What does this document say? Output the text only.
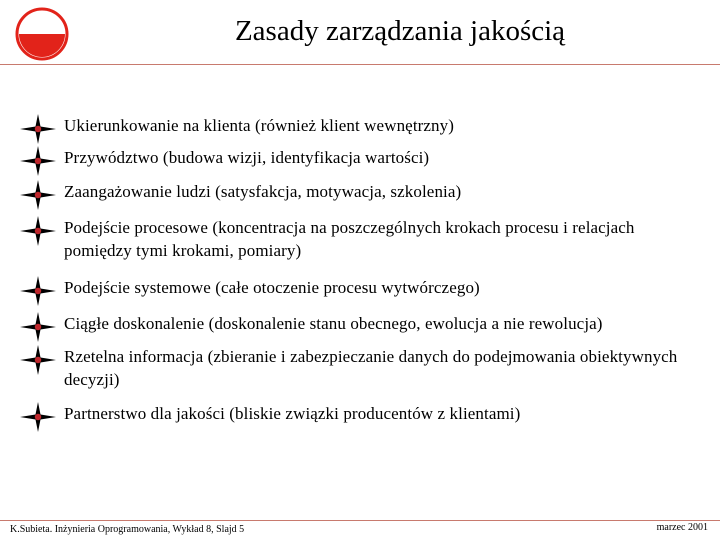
Zasady zarządzania jakością
Ukierunkowanie na klienta (również klient wewnętrzny)
Przywództwo (budowa wizji, identyfikacja wartości)
Zaangażowanie ludzi (satysfakcja, motywacja, szkolenia)
Podejście procesowe (koncentracja na poszczególnych krokach procesu i relacjach pomiędzy tymi krokami, pomiary)
Podejście systemowe (całe otoczenie procesu wytwórczego)
Ciągłe doskonalenie (doskonalenie stanu obecnego, ewolucja a nie rewolucja)
Rzetelna informacja (zbieranie i zabezpieczanie danych do podejmowania obiektywnych decyzji)
Partnerstwo dla jakości (bliskie związki producentów z klientami)
K.Subieta. Inżynieria Oprogramowania, Wykład 8, Slajd 5	marzec 2001
